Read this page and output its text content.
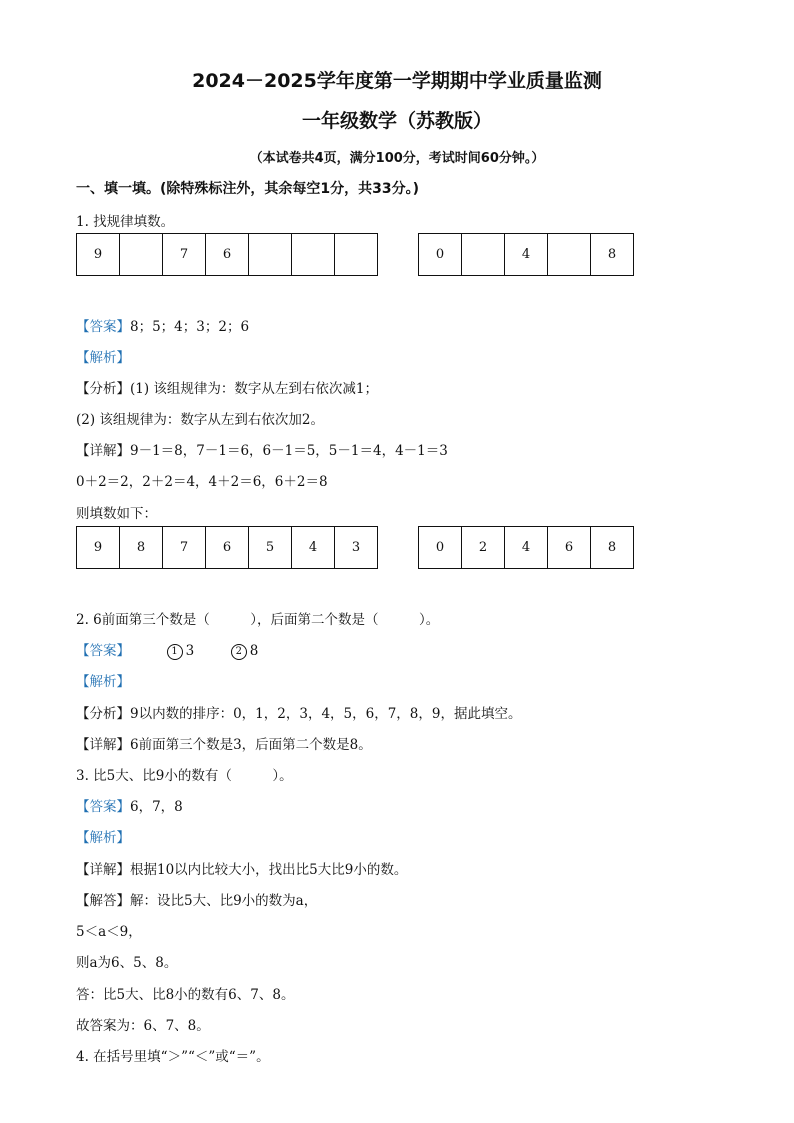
2024－2025学年度第一学期期中学业质量监测
一年级数学（苏教版）
（本试卷共4页，满分100分，考试时间60分钟。）
一、填一填。(除特殊标注外，其余每空1分，共33分。)
1. 找规律填数。
9		7	6				0		4		8
【答案】8；5；4；3；2；6
【解析】
【分析】(1) 该组规律为：数字从左到右依次减1；
(2) 该组规律为：数字从左到右依次加2。
【详解】9－1＝8，7－1＝6，6－1＝5，5－1＝4，4－1＝3
0＋2＝2，2＋2＝4，4＋2＝6，6＋2＝8
则填数如下：
9	8	7	6	5	4	3	0	2	4	6	8
2. 6前面第三个数是（　　　），后面第二个数是（　　　）。
【答案】	1 3	2 8
【解析】
【分析】9以内数的排序：0，1，2，3，4，5，6，7，8，9，据此填空。
【详解】6前面第三个数是3，后面第二个数是8。
3. 比5大、比9小的数有（　　　）。
【答案】6，7，8
【解析】
【详解】根据10以内比较大小，找出比5大比9小的数。
【解答】解：设比5大、比9小的数为a，
5＜a＜9，
则a为6、5、8。
答：比5大、比8小的数有6、7、8。
故答案为：6、7、8。
4. 在括号里填“＞”“＜”或“＝”。
